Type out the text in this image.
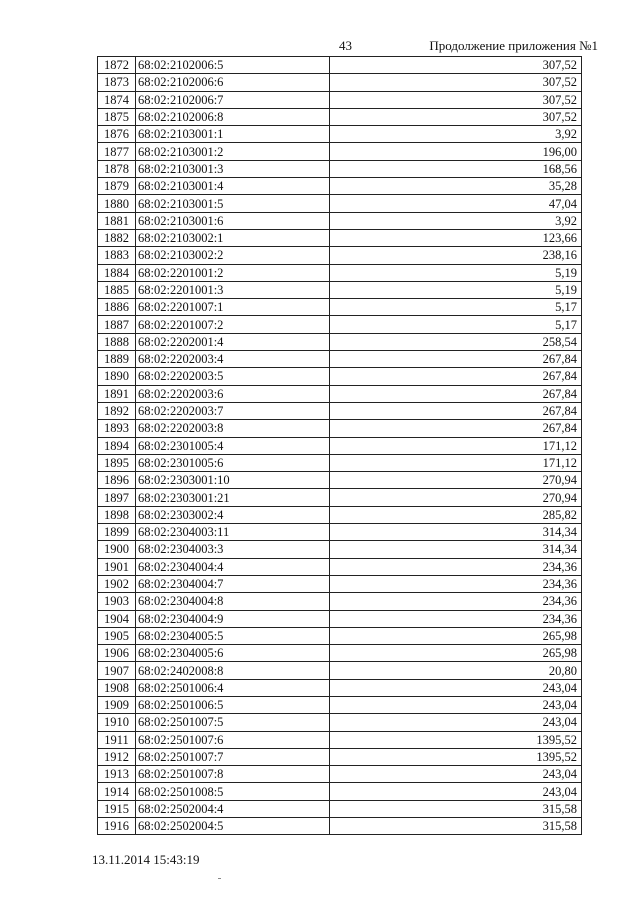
43	Продолжение приложения №1
1872	68:02:2102006:5	307,52
1873	68:02:2102006:6	307,52
1874	68:02:2102006:7	307,52
1875	68:02:2102006:8	307,52
1876	68:02:2103001:1	3,92
1877	68:02:2103001:2	196,00
1878	68:02:2103001:3	168,56
1879	68:02:2103001:4	35,28
1880	68:02:2103001:5	47,04
1881	68:02:2103001:6	3,92
1882	68:02:2103002:1	123,66
1883	68:02:2103002:2	238,16
1884	68:02:2201001:2	5,19
1885	68:02:2201001:3	5,19
1886	68:02:2201007:1	5,17
1887	68:02:2201007:2	5,17
1888	68:02:2202001:4	258,54
1889	68:02:2202003:4	267,84
1890	68:02:2202003:5	267,84
1891	68:02:2202003:6	267,84
1892	68:02:2202003:7	267,84
1893	68:02:2202003:8	267,84
1894	68:02:2301005:4	171,12
1895	68:02:2301005:6	171,12
1896	68:02:2303001:10	270,94
1897	68:02:2303001:21	270,94
1898	68:02:2303002:4	285,82
1899	68:02:2304003:11	314,34
1900	68:02:2304003:3	314,34
1901	68:02:2304004:4	234,36
1902	68:02:2304004:7	234,36
1903	68:02:2304004:8	234,36
1904	68:02:2304004:9	234,36
1905	68:02:2304005:5	265,98
1906	68:02:2304005:6	265,98
1907	68:02:2402008:8	20,80
1908	68:02:2501006:4	243,04
1909	68:02:2501006:5	243,04
1910	68:02:2501007:5	243,04
1911	68:02:2501007:6	1395,52
1912	68:02:2501007:7	1395,52
1913	68:02:2501007:8	243,04
1914	68:02:2501008:5	243,04
1915	68:02:2502004:4	315,58
1916	68:02:2502004:5	315,58
13.11.2014 15:43:19
